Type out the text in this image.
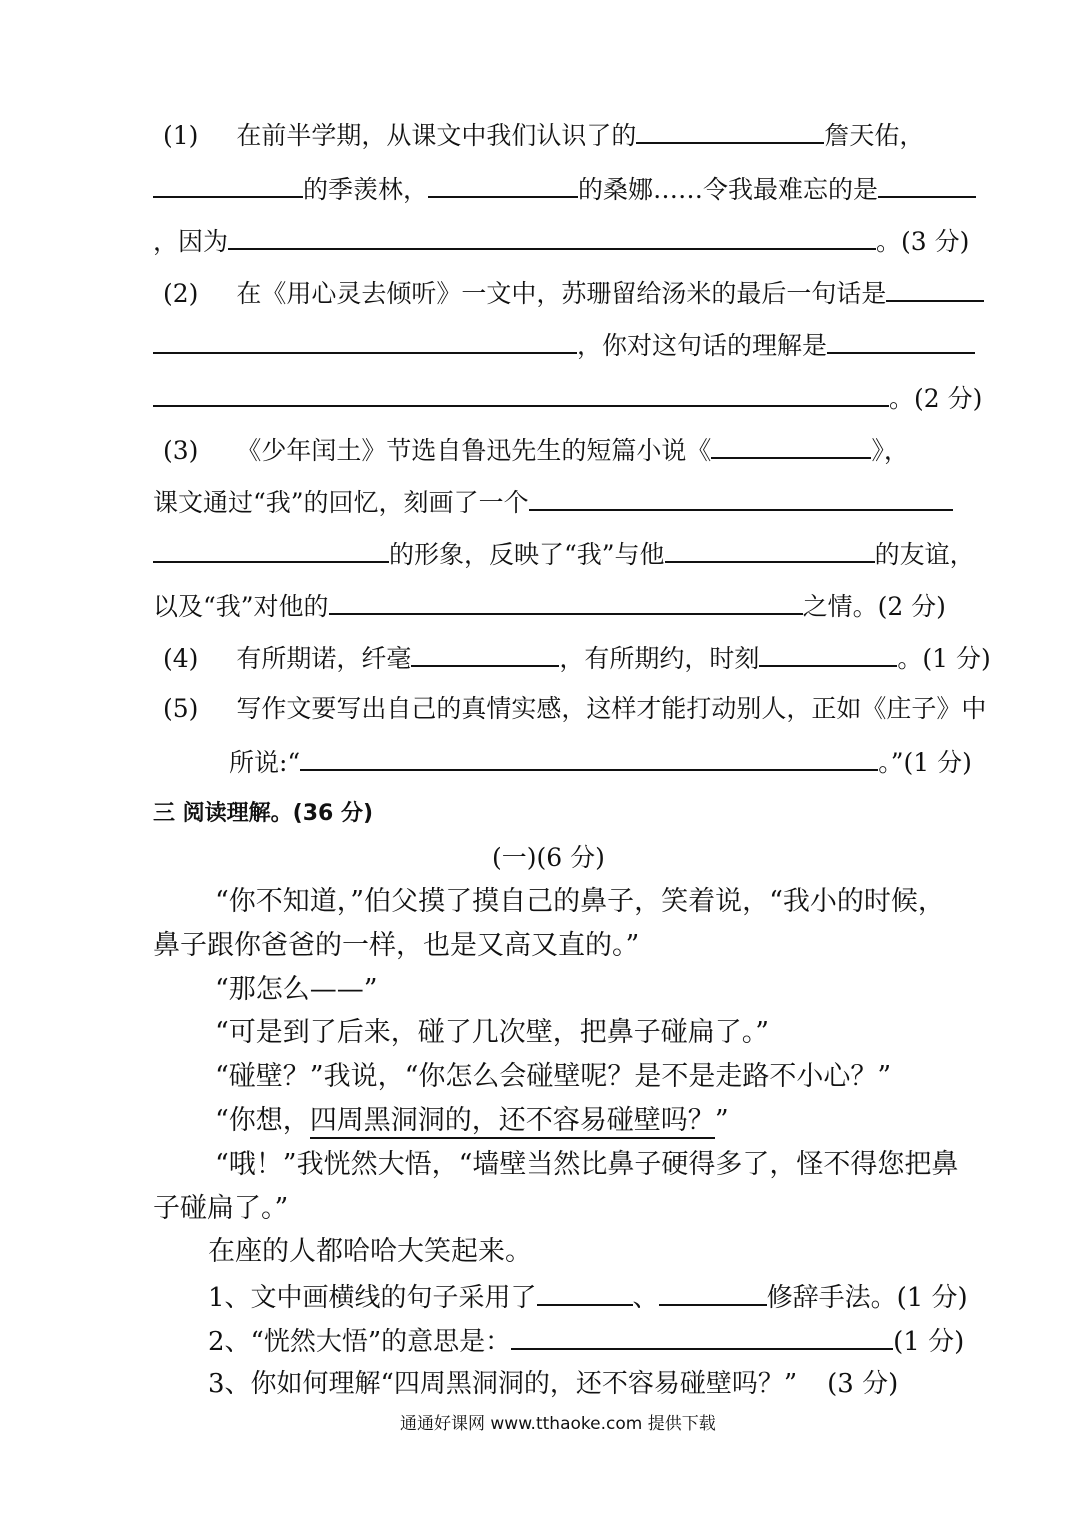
(1) 在前半学期，从课文中我们认识了的	詹天佑，
的季羡林，	的桑娜……令我最难忘的是
，因为	。(3 分)
(2) 在《用心灵去倾听》一文中，苏珊留给汤米的最后一句话是
，你对这句话的理解是
。(2 分)
(3) 《少年闰土》节选自鲁迅先生的短篇小说《	》，
课文通过“我”的回忆，刻画了一个
的形象，反映了“我”与他	的友谊，
以及“我”对他的	之情。(2 分)
(4) 有所期诺，纤毫	，有所期约，时刻	。(1 分)
(5) 写作文要写出自己的真情实感，这样才能打动别人，正如《庄子》中
所说:“	。”(1 分)
三 阅读理解。(36 分)
(一)(6 分)
“你不知道，”伯父摸了摸自己的鼻子，笑着说，“我小的时候，
鼻子跟你爸爸的一样，也是又高又直的。”
“那怎么——”
“可是到了后来，碰了几次壁，把鼻子碰扁了。”
“碰壁？”我说，“你怎么会碰壁呢？是不是走路不小心？”
“你想，四周黑洞洞的，还不容易碰壁吗？”
“哦！”我恍然大悟，“墙壁当然比鼻子硬得多了，怪不得您把鼻
子碰扁了。”
在座的人都哈哈大笑起来。
1、文中画横线的句子采用了	、	修辞手法。(1 分)
2、“恍然大悟”的意思是：	(1 分)
3、你如何理解“四周黑洞洞的，还不容易碰壁吗？” (3 分)
通通好课网 www.tthaoke.com 提供下载
